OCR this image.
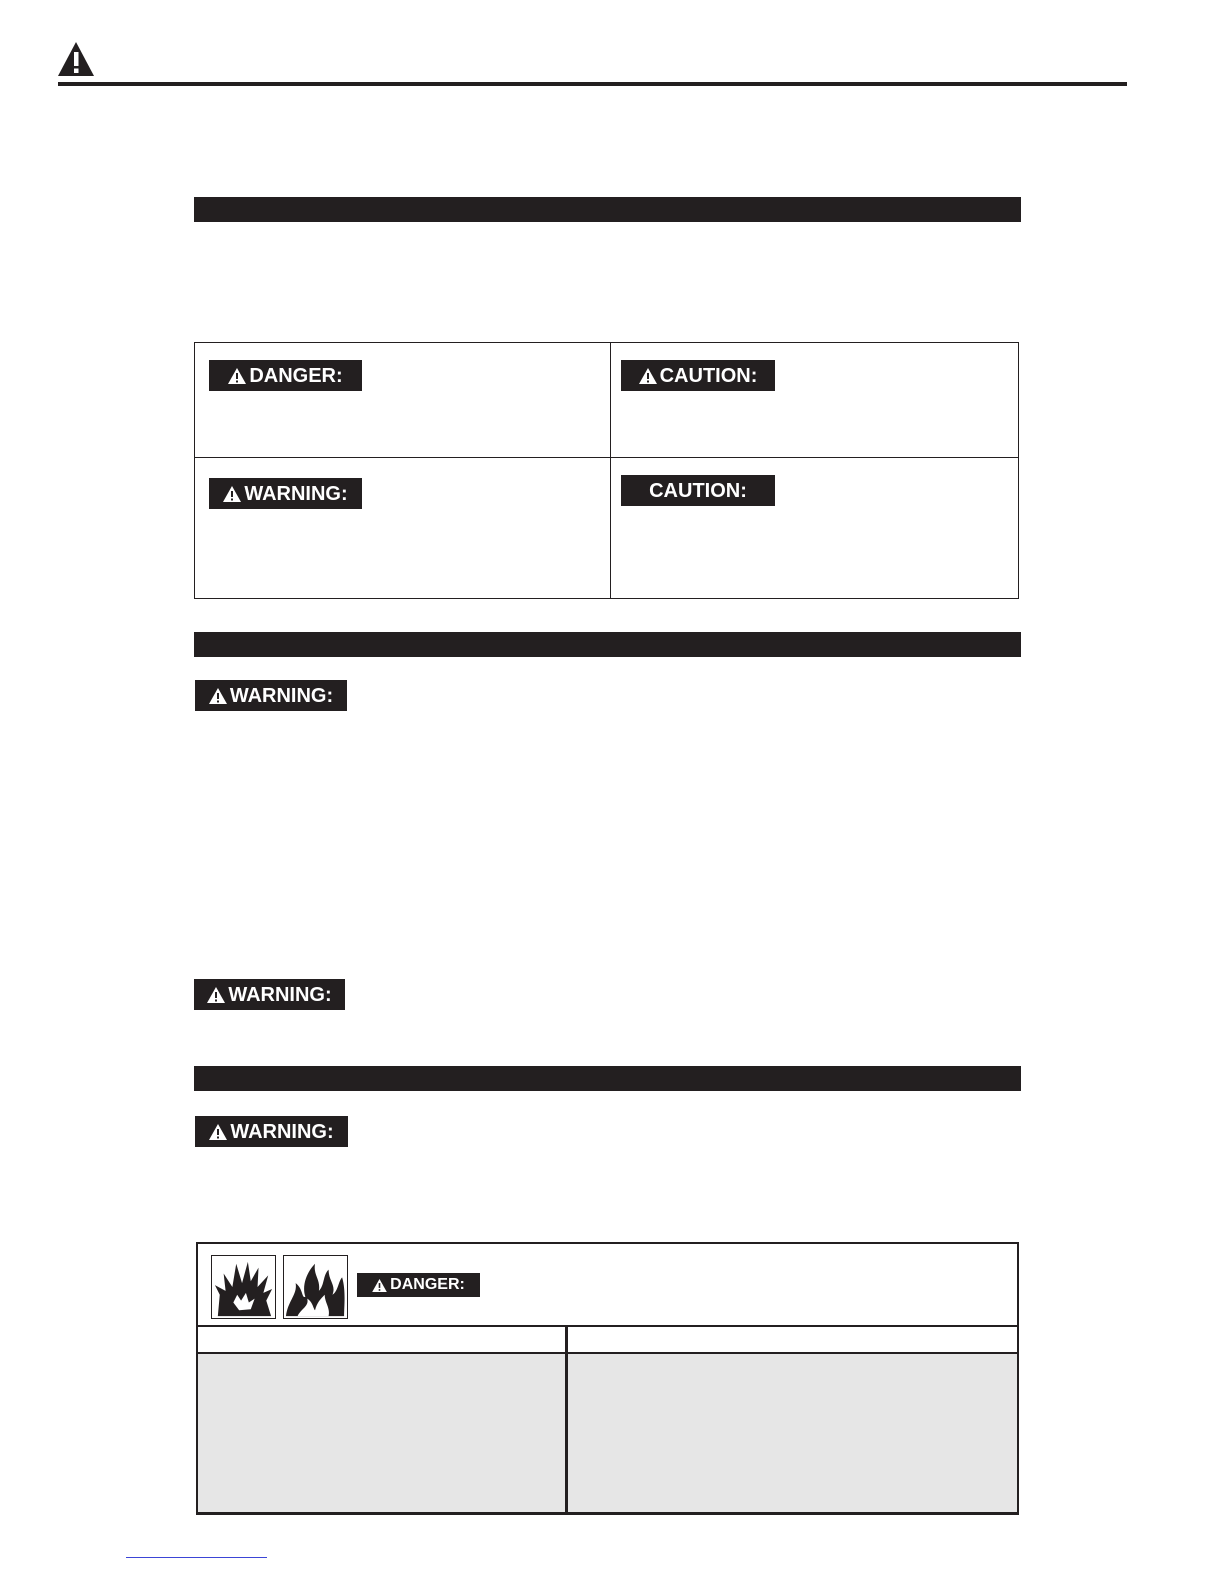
DANGER:	CAUTION:
WARNING:	CAUTION:
WARNING:
WARNING:
WARNING:
DANGER:
